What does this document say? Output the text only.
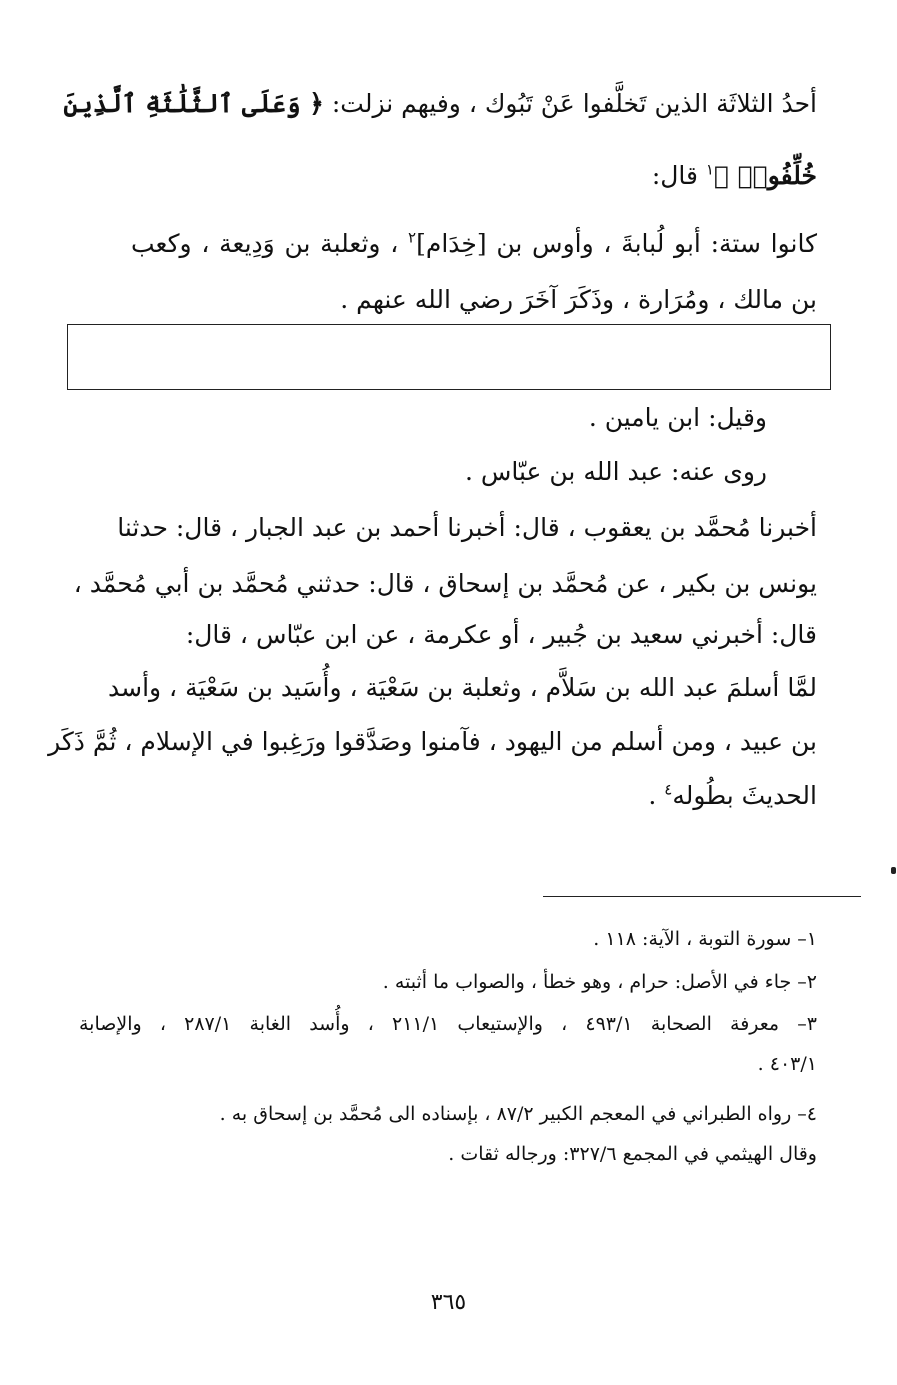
أحدُ الثلاثَة الذين تَخلَّفوا عَنْ تَبُوك ، وفيهم نزلت: ﴿ وَعَلَى ٱلثَّلَٰثَةِ ٱلَّذِينَ
خُلِّفُوا۟ ﴾$^١$ قال:
كانوا ستة: أبو لُبابةَ ، وأوس بن [خِدَام]$^٢$ ، وثعلبة بن وَدِيعة ، وكعب
بن مالك ، ومُرَارة ، وذَكَرَ آخَرَ رضي الله عنهم .
وقيل: ابن يامين .
روى عنه: عبد الله بن عبّاس .
أخبرنا مُحمَّد بن يعقوب ، قال: أخبرنا أحمد بن عبد الجبار ، قال: حدثنا
يونس بن بكير ، عن مُحمَّد بن إسحاق ، قال: حدثني مُحمَّد بن أبي مُحمَّد ،
قال: أخبرني سعيد بن جُبير ، أو عكرمة ، عن ابن عبّاس ، قال:
لمَّا أسلمَ عبد الله بن سَلاَّم ، وثعلبة بن سَعْيَة ، وأُسَيد بن سَعْيَة ، وأسد
بن عبيد ، ومن أسلم من اليهود ، فآمنوا وصَدَّقوا ورَغِبوا في الإسلام ، ثُمَّ ذَكَر
الحديثَ بطُوله$^٤$ .
١– سورة التوبة ، الآية: ١١٨ .
٢– جاء في الأصل: حرام ، وهو خطأ ، والصواب ما أثبته .
٣– معرفة الصحابة ٤٩٣/١ ، والإستيعاب ٢١١/١ ، وأُسد الغابة ٢٨٧/١ ، والإصابة
٤٠٣/١ .
٤– رواه الطبراني في المعجم الكبير ٨٧/٢ ، بإسناده الى مُحمَّد بن إسحاق به .
وقال الهيثمي في المجمع ٣٢٧/٦: ورجاله ثقات .
٣٦٥
